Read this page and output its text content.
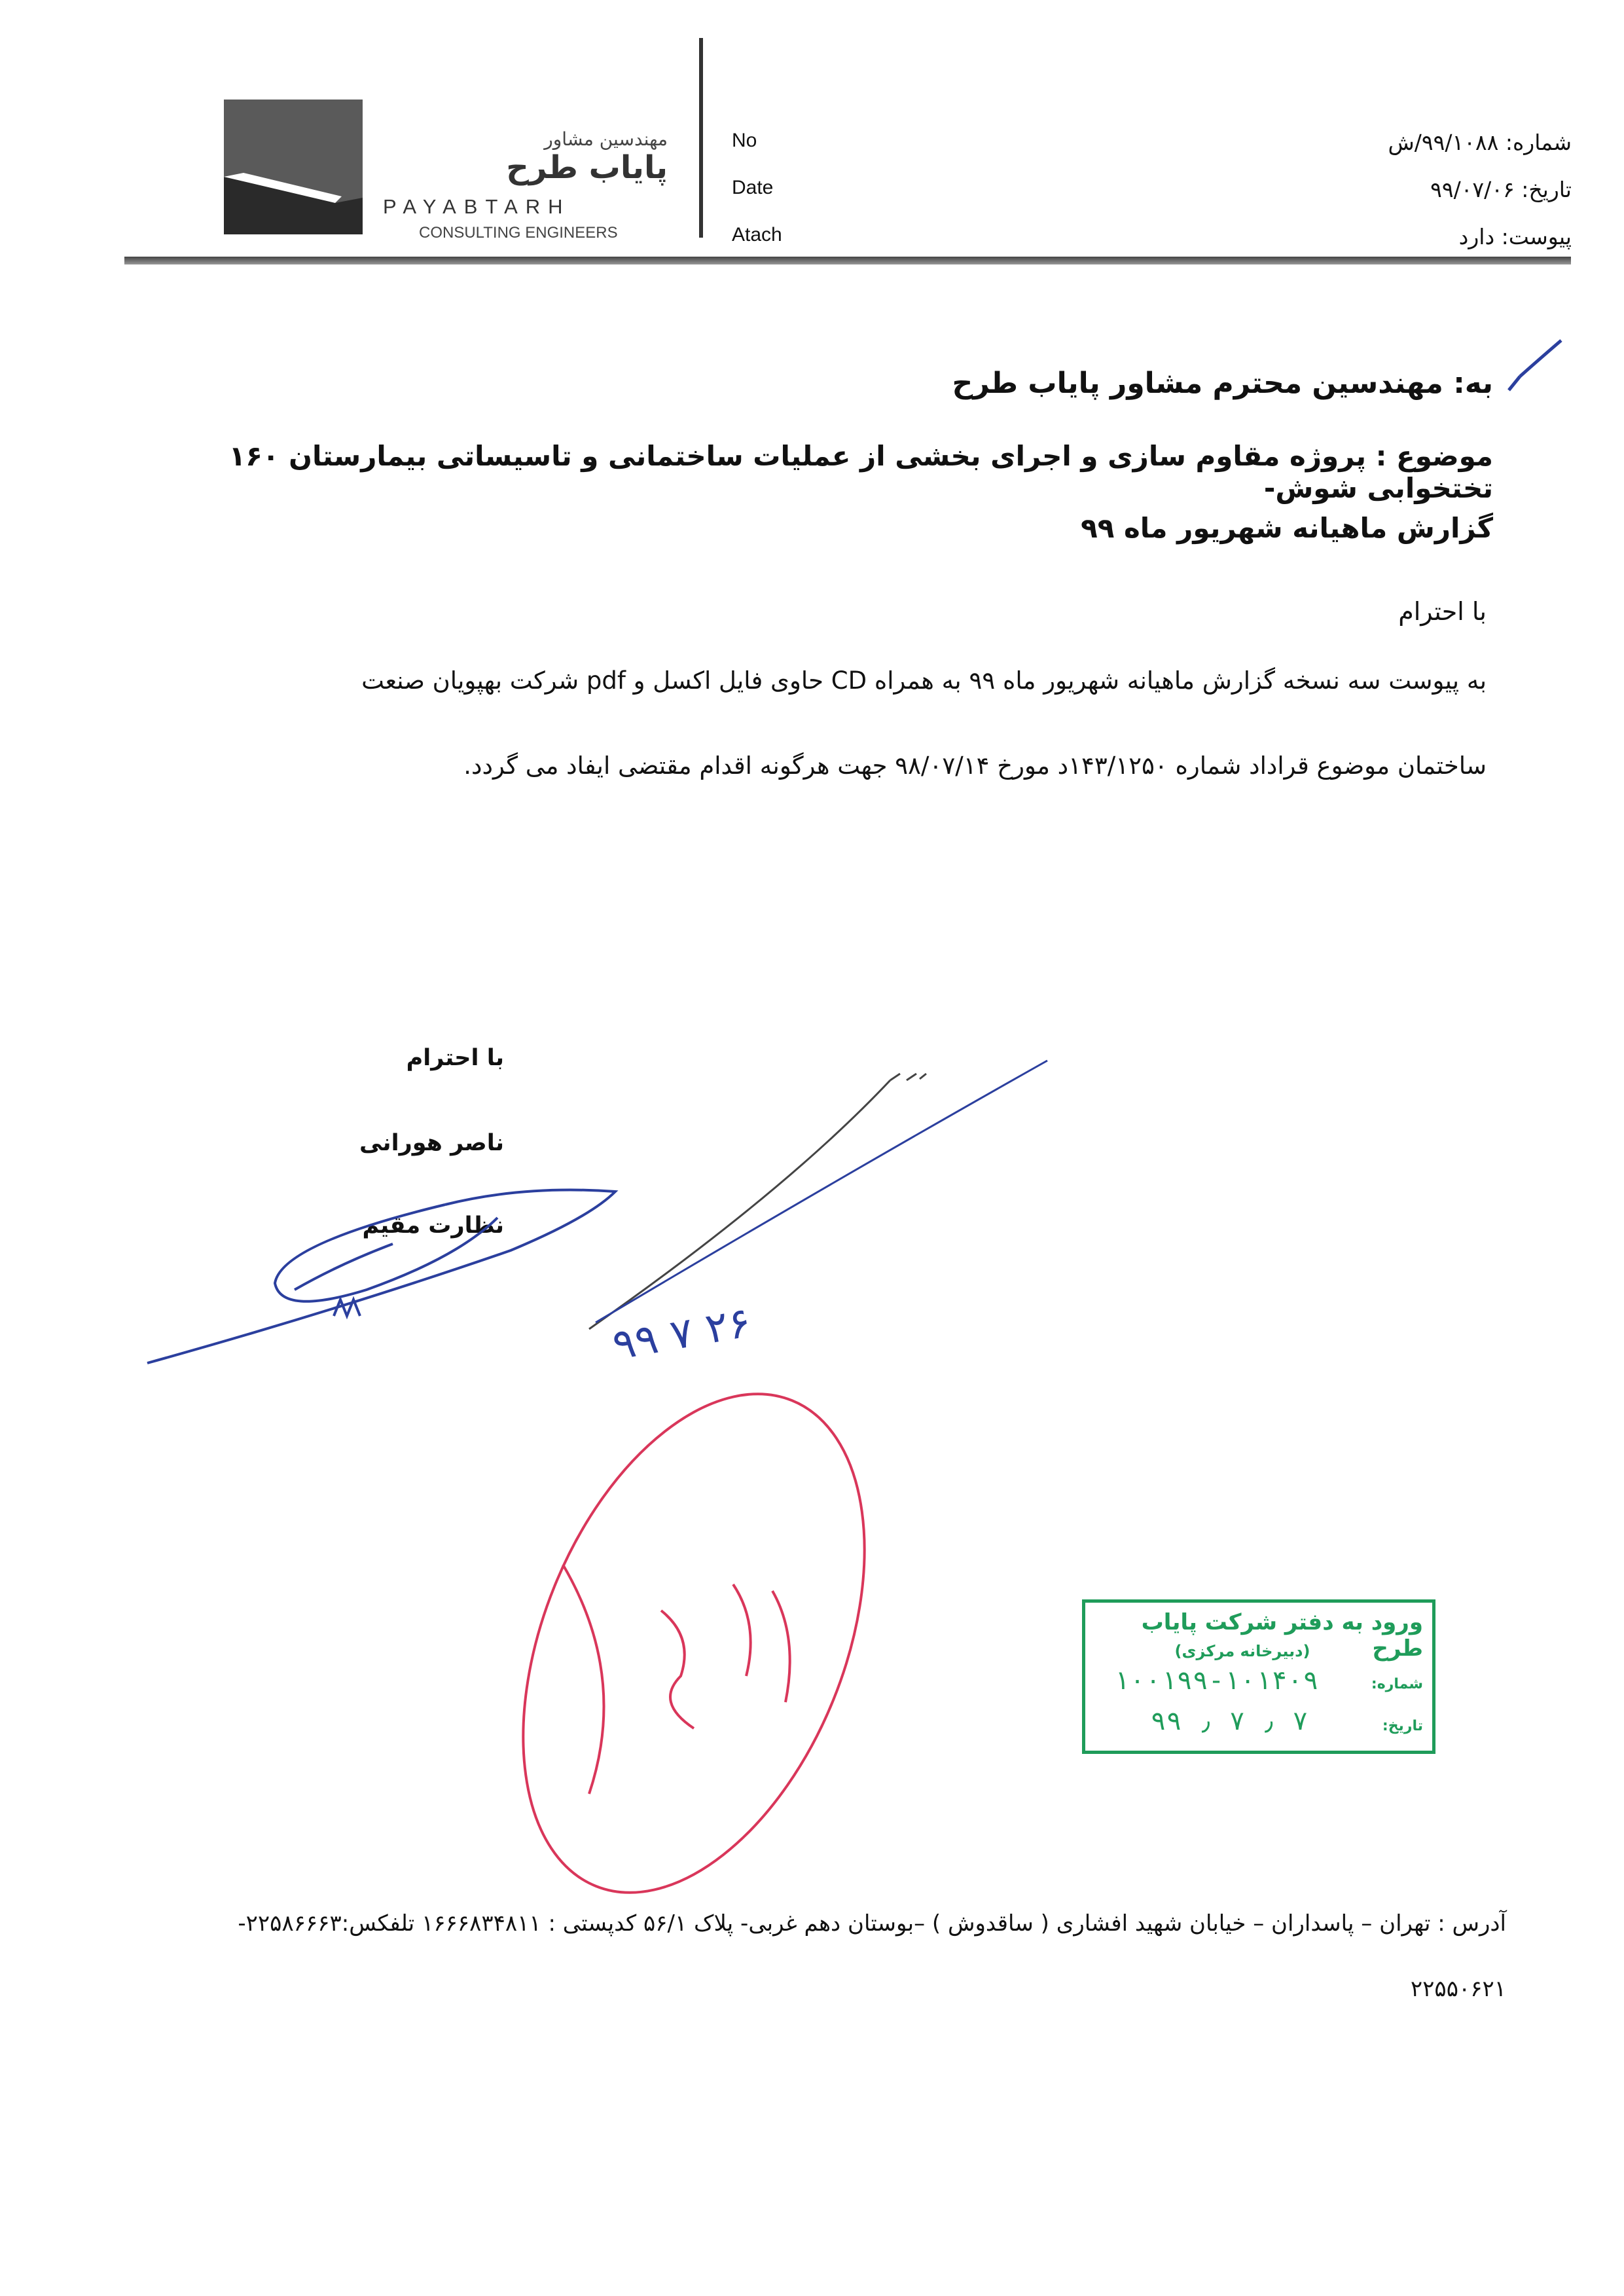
مهندسین مشاور
پایاب طرح
PAYABTARH
CONSULTING ENGINEERS
No
Date
Atach
شماره: ۹۹/۱۰۸۸/ش
تاریخ: ۹۹/۰۷/۰۶
پیوست: دارد
به: مهندسین محترم مشاور پایاب طرح
موضوع : پروژه مقاوم سازی و اجرای بخشی از عملیات ساختمانی و تاسیساتی بیمارستان ۱۶۰ تختخوابی شوش-
گزارش ماهیانه شهریور ماه ۹۹
با احترام
به پیوست سه نسخه گزارش ماهیانه شهریور ماه ۹۹ به همراه CD حاوی فایل اکسل و pdf شرکت بهپویان صنعت
ساختمان موضوع قراداد شماره ۱۴۳/۱۲۵۰د مورخ ۹۸/۰۷/۱۴ جهت هرگونه اقدام مقتضی ایفاد می گردد.
با احترام
ناصر هورانی
نظارت مقیم
۲۶ ۷ ۹۹
ورود به دفتر شرکت پایاب طرح
(دبیرخانه مرکزی)
شماره:
۱۰۰۱۹۹-۱۰۱۴۰۹
تاریخ:
۹۹ ٫ ۷ ٫ ۷
آدرس : تهران – پاسداران – خیابان شهید افشاری ( ساقدوش ) –بوستان دهم غربی- پلاک ۵۶/۱ کدپستی : ۱۶۶۶۸۳۴۸۱۱ تلفکس:۲۲۵۸۶۶۶۳-
۲۲۵۵۰۶۲۱
